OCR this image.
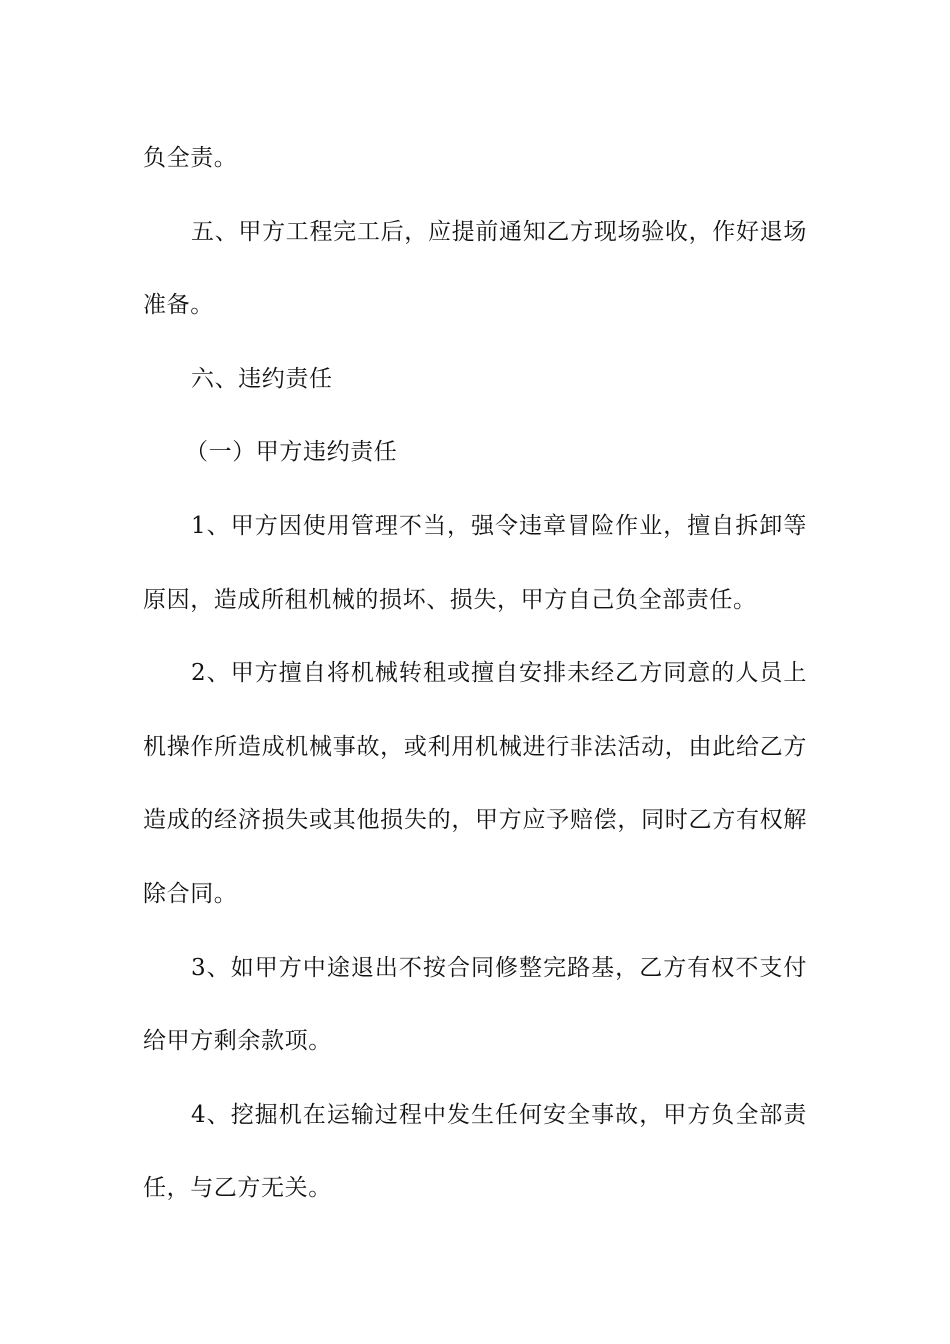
负全责。

五、甲方工程完工后，应提前通知乙方现场验收，作好退场准备。

六、违约责任

（一）甲方违约责任

1、甲方因使用管理不当，强令违章冒险作业，擅自拆卸等原因，造成所租机械的损坏、损失，甲方自己负全部责任。

2、甲方擅自将机械转租或擅自安排未经乙方同意的人员上机操作所造成机械事故，或利用机械进行非法活动，由此给乙方造成的经济损失或其他损失的，甲方应予赔偿，同时乙方有权解除合同。

3、如甲方中途退出不按合同修整完路基，乙方有权不支付给甲方剩余款项。

4、挖掘机在运输过程中发生任何安全事故，甲方负全部责任，与乙方无关。
